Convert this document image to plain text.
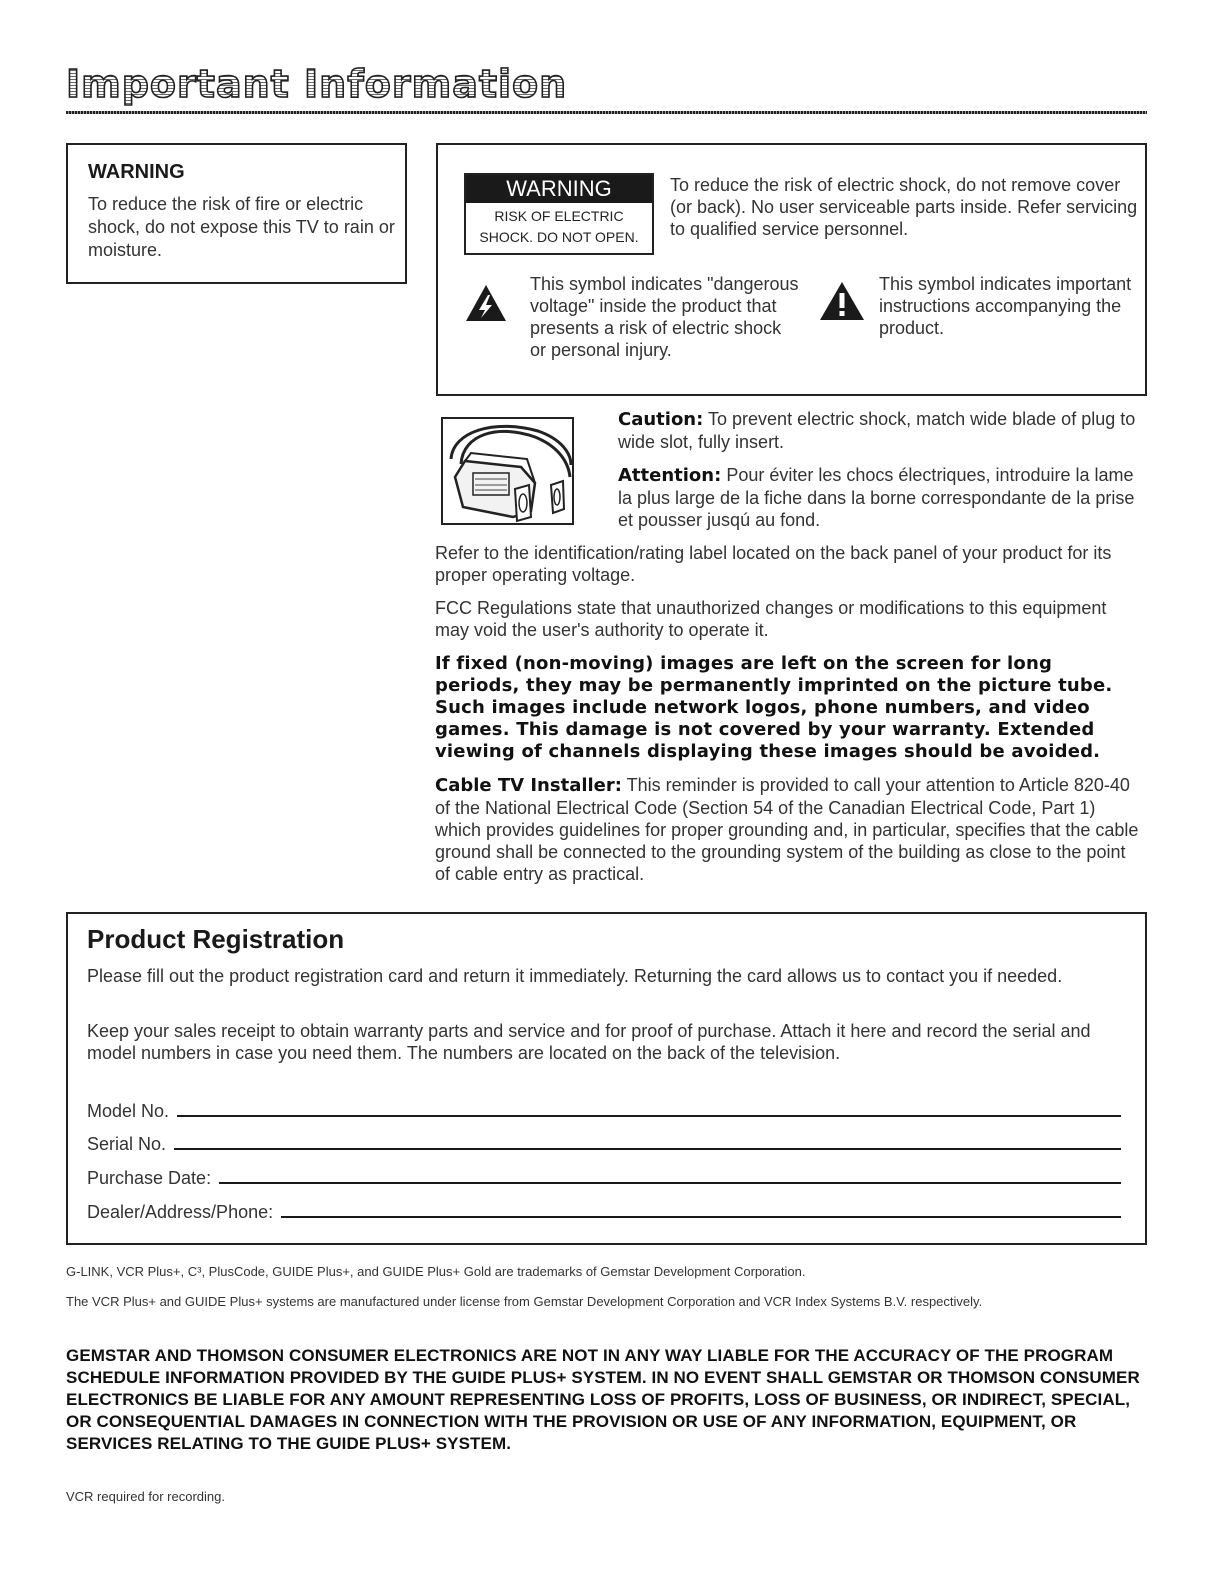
Important Information
WARNING
To reduce the risk of fire or electric shock, do not expose this TV to rain or moisture.
WARNING
RISK OF ELECTRIC
SHOCK. DO NOT OPEN.
To reduce the risk of electric shock, do not remove cover (or back). No user serviceable parts inside. Refer servicing to qualified service personnel.
This symbol indicates "dangerous voltage" inside the product that presents a risk of electric shock or personal injury.
This symbol indicates important instructions accompanying the product.
Caution: To prevent electric shock, match wide blade of plug to wide slot, fully insert.
Attention: Pour éviter les chocs électriques, introduire la lame la plus large de la fiche dans la borne correspondante de la prise et pousser jusqú au fond.
Refer to the identification/rating label located on the back panel of your product for its proper operating voltage.
FCC Regulations state that unauthorized changes or modifications to this equipment may void the user's authority to operate it.
If fixed (non-moving) images are left on the screen for long periods, they may be permanently imprinted on the picture tube. Such images include network logos, phone numbers, and video games. This damage is not covered by your warranty. Extended viewing of channels displaying these images should be avoided.
Cable TV Installer: This reminder is provided to call your attention to Article 820-40 of the National Electrical Code (Section 54 of the Canadian Electrical Code, Part 1) which provides guidelines for proper grounding and, in particular, specifies that the cable ground shall be connected to the grounding system of the building as close to the point of cable entry as practical.
Product Registration
Please fill out the product registration card and return it immediately. Returning the card allows us to contact you if needed.
Keep your sales receipt to obtain warranty parts and service and for proof of purchase. Attach it here and record the serial and model numbers in case you need them. The numbers are located on the back of the television.
Model No.
Serial No.
Purchase Date:
Dealer/Address/Phone:
G-LINK, VCR Plus+, C³, PlusCode, GUIDE Plus+, and GUIDE Plus+ Gold are trademarks of Gemstar Development Corporation.
The VCR Plus+ and GUIDE Plus+ systems are manufactured under license from Gemstar Development Corporation and VCR Index Systems B.V. respectively.
GEMSTAR AND THOMSON CONSUMER ELECTRONICS ARE NOT IN ANY WAY LIABLE FOR THE ACCURACY OF THE PROGRAM SCHEDULE INFORMATION PROVIDED BY THE GUIDE PLUS+ SYSTEM. IN NO EVENT SHALL GEMSTAR OR THOMSON CONSUMER ELECTRONICS BE LIABLE FOR ANY AMOUNT REPRESENTING LOSS OF PROFITS, LOSS OF BUSINESS, OR INDIRECT, SPECIAL, OR CONSEQUENTIAL DAMAGES IN CONNECTION WITH THE PROVISION OR USE OF ANY INFORMATION, EQUIPMENT, OR SERVICES RELATING TO THE GUIDE PLUS+ SYSTEM.
VCR required for recording.
